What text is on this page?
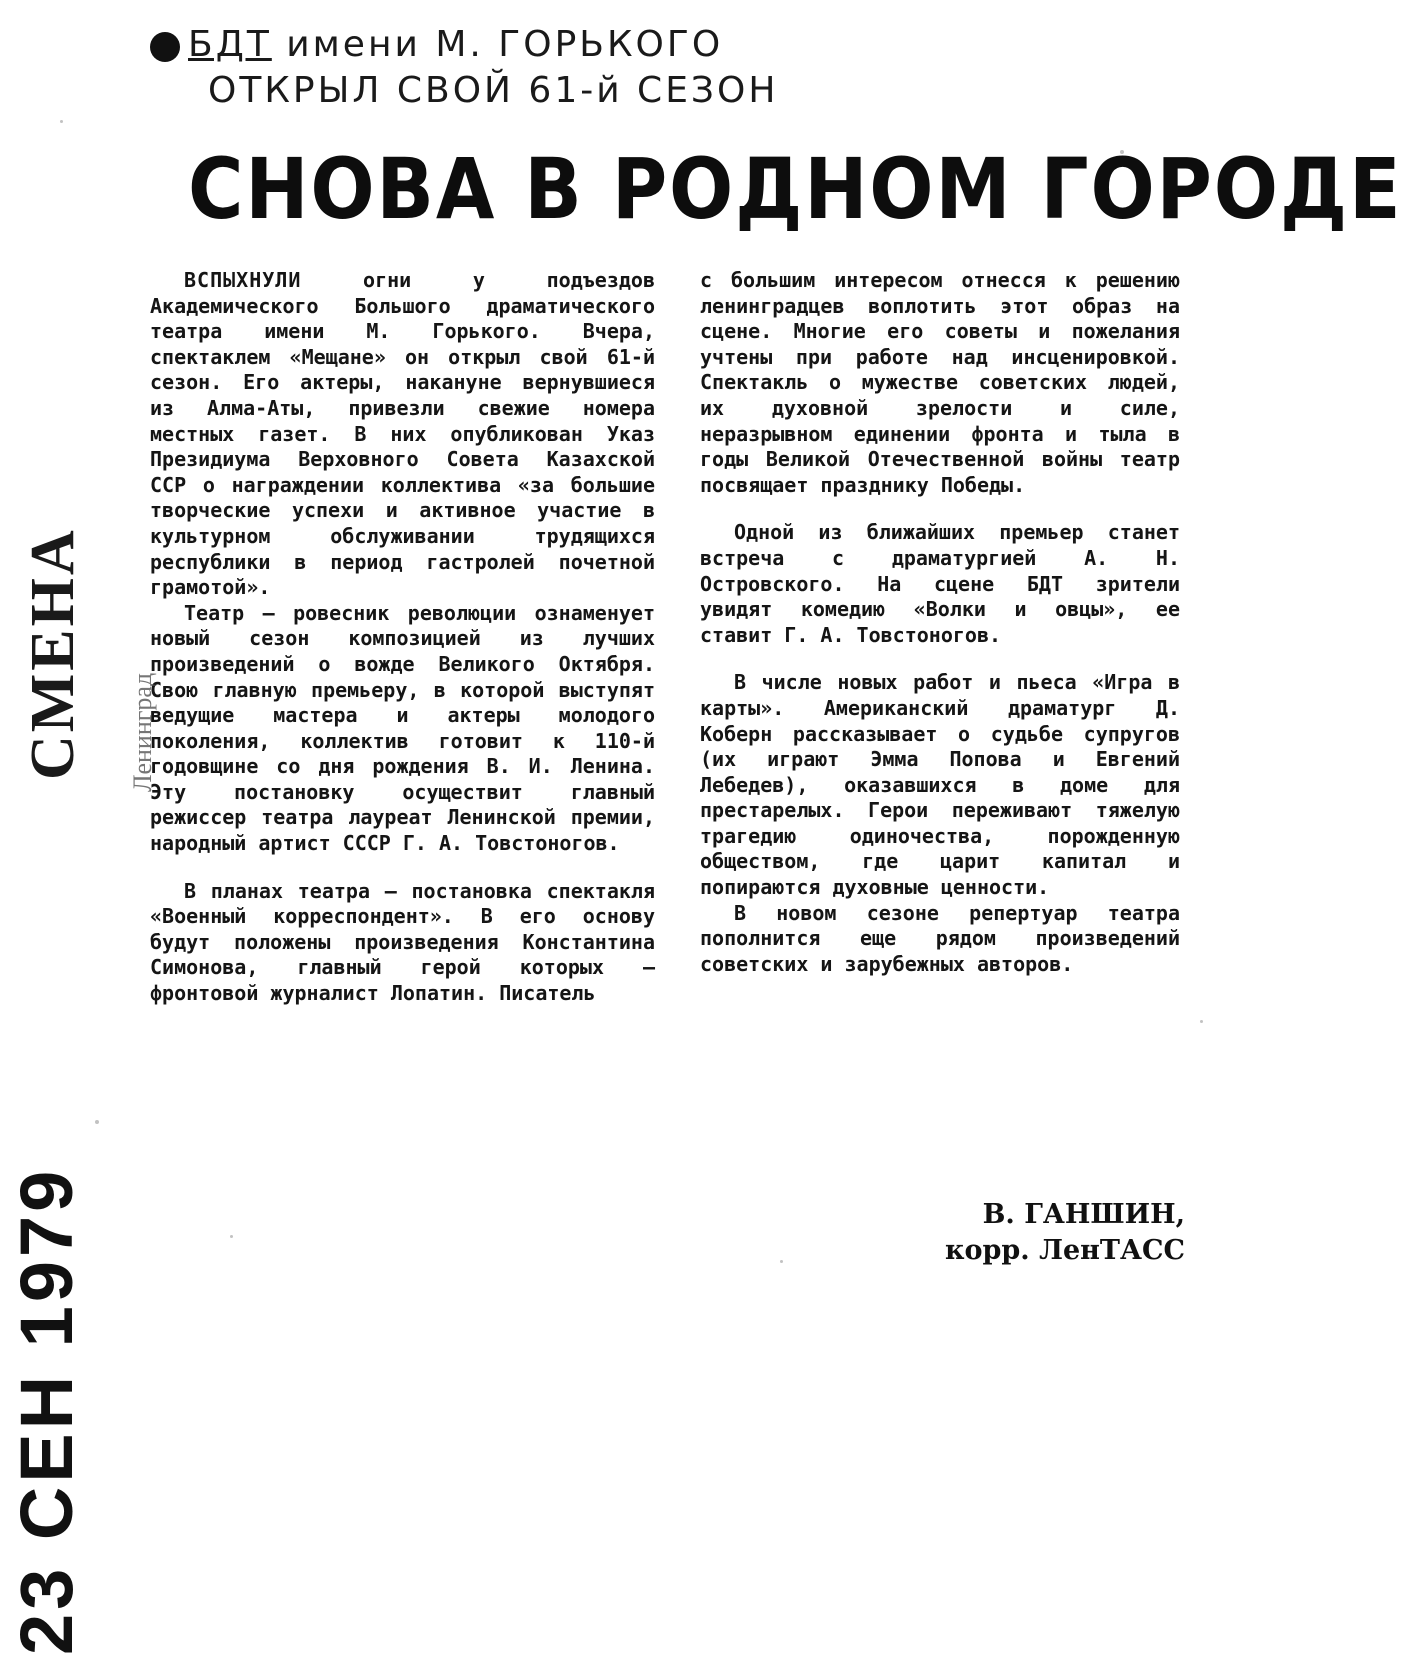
БДТ имени М. ГОРЬКОГО
ОТКРЫЛ СВОЙ 61-й СЕЗОН
СНОВА В РОДНОМ ГОРОДЕ

ВСПЫХНУЛИ огни у подъездов Академического Большого драматического театра имени М. Горького. Вчера, спектаклем «Мещане» он открыл свой 61-й сезон. Его актеры, накануне вернувшиеся из Алма-Аты, привезли свежие номера местных газет. В них опубликован Указ Президиума Верховного Совета Казахской ССР о награждении коллектива «за большие творческие успехи и активное участие в культурном обслуживании трудящихся республики в период гастролей почетной грамотой».

Театр — ровесник революции ознаменует новый сезон композицией из лучших произведений о вожде Великого Октября. Свою главную премьеру, в которой выступят ведущие мастера и актеры молодого поколения, коллектив готовит к 110-й годовщине со дня рождения В. И. Ленина. Эту постановку осуществит главный режиссер театра лауреат Ленинской премии, народный артист СССР Г. А. Товстоногов.

В планах театра — постановка спектакля «Военный корреспондент». В его основу будут положены произведения Константина Симонова, главный герой которых — фронтовой журналист Лопатин. Писатель

с большим интересом отнесся к решению ленинградцев воплотить этот образ на сцене. Многие его советы и пожелания учтены при работе над инсценировкой. Спектакль о мужестве советских людей, их духовной зрелости и силе, неразрывном единении фронта и тыла в годы Великой Отечественной войны театр посвящает празднику Победы.

Одной из ближайших премьер станет встреча с драматургией А. Н. Островского. На сцене БДТ зрители увидят комедию «Волки и овцы», ее ставит Г. А. Товстоногов.

В числе новых работ и пьеса «Игра в карты». Американский драматург Д. Коберн рассказывает о судьбе супругов (их играют Эмма Попова и Евгений Лебедев), оказавшихся в доме для престарелых. Герои переживают тяжелую трагедию одиночества, порожденную обществом, где царит капитал и попираются духовные ценности.

В новом сезоне репертуар театра пополнится еще рядом произведений советских и зарубежных авторов.

В. ГАНШИН,
корр. ЛенТАСС
СМЕНА Ленинград
23 СЕН 1979
